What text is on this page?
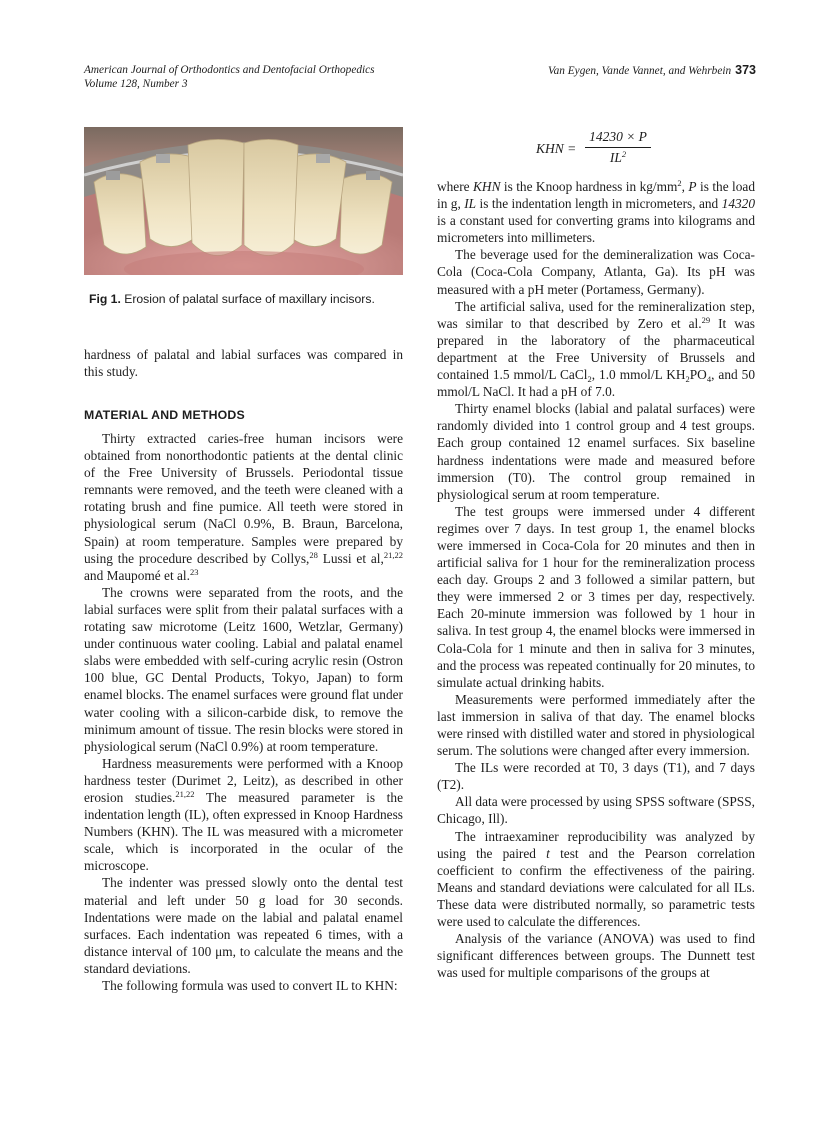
American Journal of Orthodontics and Dentofacial Orthopedics
Volume 128, Number 3
Van Eygen, Vande Vannet, and Wehrbein 373
Fig 1. Erosion of palatal surface of maxillary incisors.

hardness of palatal and labial surfaces was compared in this study.

MATERIAL AND METHODS

Thirty extracted caries-free human incisors were obtained from nonorthodontic patients at the dental clinic of the Free University of Brussels. Periodontal tissue remnants were removed, and the teeth were cleaned with a rotating brush and fine pumice. All teeth were stored in physiological serum (NaCl 0.9%, B. Braun, Barcelona, Spain) at room temperature. Samples were prepared by using the procedure described by Collys,$^{28}$ Lussi et al,$^{21,22}$ and Maupomé et al.$^{23}$

The crowns were separated from the roots, and the labial surfaces were split from their palatal surfaces with a rotating saw microtome (Leitz 1600, Wetzlar, Germany) under continuous water cooling. Labial and palatal enamel slabs were embedded with self-curing acrylic resin (Ostron 100 blue, GC Dental Products, Tokyo, Japan) to form enamel blocks. The enamel surfaces were ground flat under water cooling with a silicon-carbide disk, to remove the minimum amount of tissue. The resin blocks were stored in physiological serum (NaCl 0.9%) at room temperature.

Hardness measurements were performed with a Knoop hardness tester (Durimet 2, Leitz), as described in other erosion studies.$^{21,22}$ The measured parameter is the indentation length (IL), often expressed in Knoop Hardness Numbers (KHN). The IL was measured with a micrometer scale, which is incorporated in the ocular of the microscope.

The indenter was pressed slowly onto the dental test material and left under 50 g load for 30 seconds. Indentations were made on the labial and palatal enamel surfaces. Each indentation was repeated 6 times, with a distance interval of 100 μm, to calculate the means and the standard deviations.

The following formula was used to convert IL to KHN:

KHN =
14230 × P
$IL^2$

where KHN is the Knoop hardness in $kg/mm^2$, P is the load in g, IL is the indentation length in micrometers, and 14320 is a constant used for converting grams into kilograms and micrometers into millimeters.

The beverage used for the demineralization was Coca-Cola (Coca-Cola Company, Atlanta, Ga). Its pH was measured with a pH meter (Portamess, Germany).

The artificial saliva, used for the remineralization step, was similar to that described by Zero et al.$^{29}$ It was prepared in the laboratory of the pharmaceutical department at the Free University of Brussels and contained 1.5 mmol/L CaCl$_2$, 1.0 mmol/L $KH_2PO_4$, and 50 mmol/L NaCl. It had a pH of 7.0.

Thirty enamel blocks (labial and palatal surfaces) were randomly divided into 1 control group and 4 test groups. Each group contained 12 enamel surfaces. Six baseline hardness indentations were made and measured before immersion (T0). The control group remained in physiological serum at room temperature.

The test groups were immersed under 4 different regimes over 7 days. In test group 1, the enamel blocks were immersed in Coca-Cola for 20 minutes and then in artificial saliva for 1 hour for the remineralization process each day. Groups 2 and 3 followed a similar pattern, but they were immersed 2 or 3 times per day, respectively. Each 20-minute immersion was followed by 1 hour in saliva. In test group 4, the enamel blocks were immersed in Cola-Cola for 1 minute and then in saliva for 3 minutes, and the process was repeated continually for 20 minutes, to simulate actual drinking habits.

Measurements were performed immediately after the last immersion in saliva of that day. The enamel blocks were rinsed with distilled water and stored in physiological serum. The solutions were changed after every immersion.

The ILs were recorded at T0, 3 days (T1), and 7 days (T2).

All data were processed by using SPSS software (SPSS, Chicago, Ill).

The intraexaminer reproducibility was analyzed by using the paired t test and the Pearson correlation coefficient to confirm the effectiveness of the pairing. Means and standard deviations were calculated for all ILs. These data were distributed normally, so parametric tests were used to calculate the differences.

Analysis of the variance (ANOVA) was used to find significant differences between groups. The Dunnett test was used for multiple comparisons of the groups at
